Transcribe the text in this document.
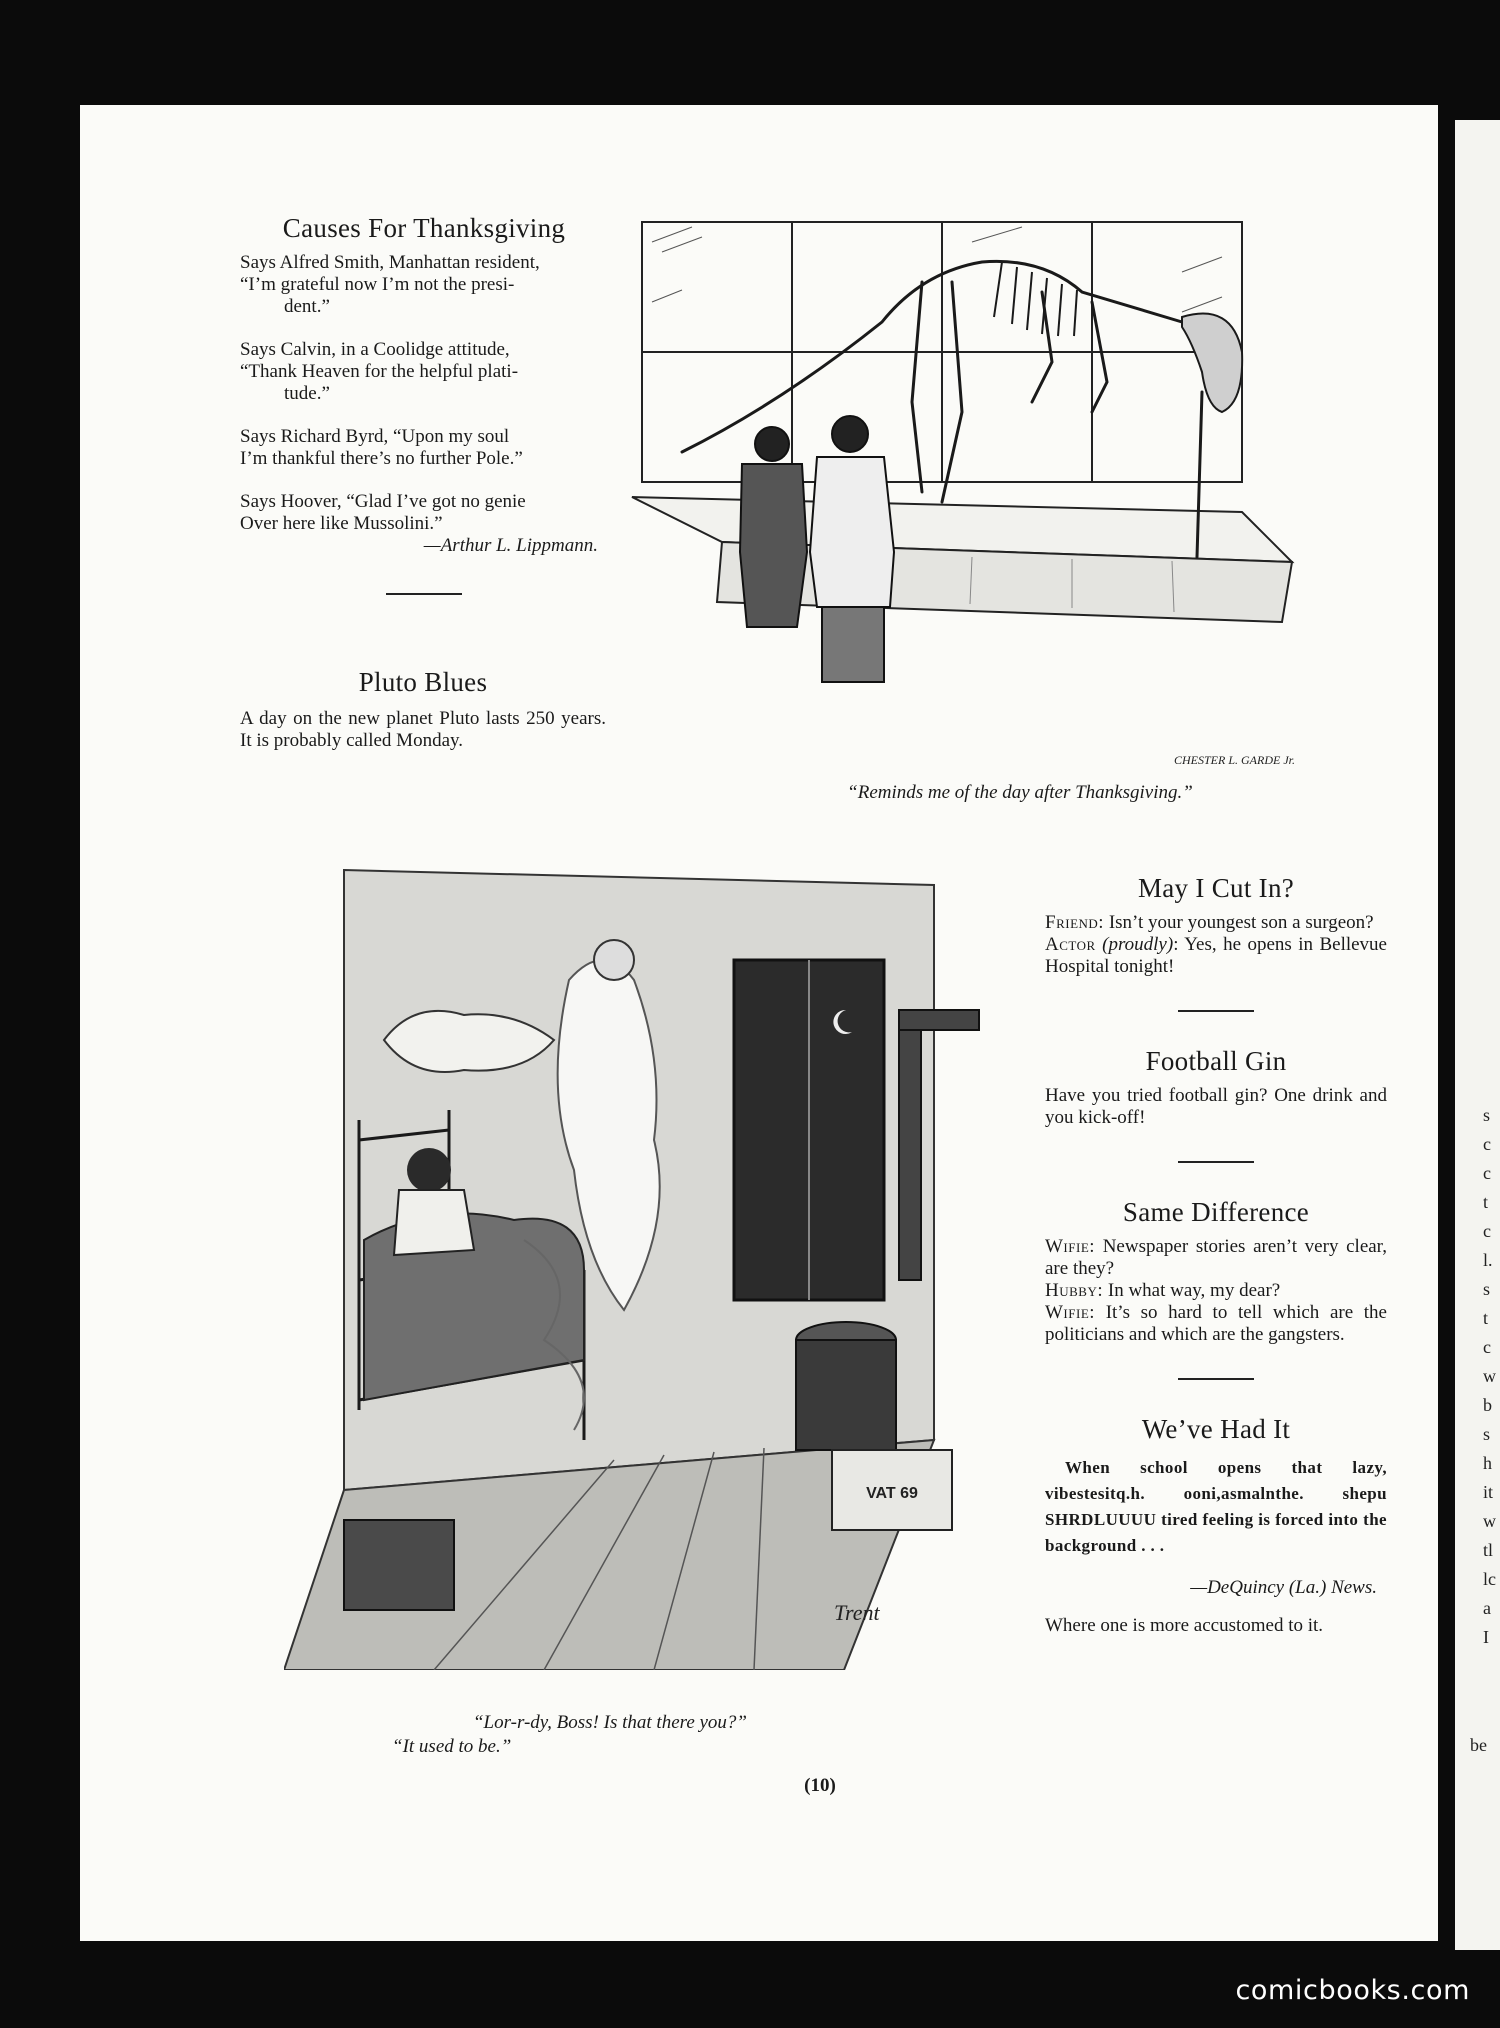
s
c
c
t
c
l.
s
t
c
w
b
s
h
it
w
tl
lc
a
I
be
Causes For Thanksgiving

Says Alfred Smith, Manhattan resident,

“I’m grateful now I’m not the presi-

dent.”

Says Calvin, in a Coolidge attitude,

“Thank Heaven for the helpful plati-

tude.”

Says Richard Byrd, “Upon my soul

I’m thankful there’s no further Pole.”

Says Hoover, “Glad I’ve got no genie

Over here like Mussolini.”

—Arthur L. Lippmann.

Pluto Blues

A day on the new planet Pluto lasts 250 years. It is probably called Monday.

CHESTER L. GARDE Jr.
“Reminds me of the day after Thanksgiving.”
VAT 69
Trent
“Lor-r-dy, Boss! Is that there you?”
“It used to be.”
May I Cut In?

Friend: Isn’t your youngest son a surgeon?

Actor (proudly): Yes, he opens in Bellevue Hospital tonight!

Football Gin

Have you tried football gin? One drink and you kick-off!

Same Difference

Wifie: Newspaper stories aren’t very clear, are they?

Hubby: In what way, my dear?

Wifie: It’s so hard to tell which are the politicians and which are the gangsters.

We’ve Had It

When school opens that lazy, vibestesitq.h. ooni,asmalnthe. shepu SHRDLUUUU tired feeling is forced into the background . . .

—DeQuincy (La.) News.

Where one is more accustomed to it.

(10)
comicbooks.com
